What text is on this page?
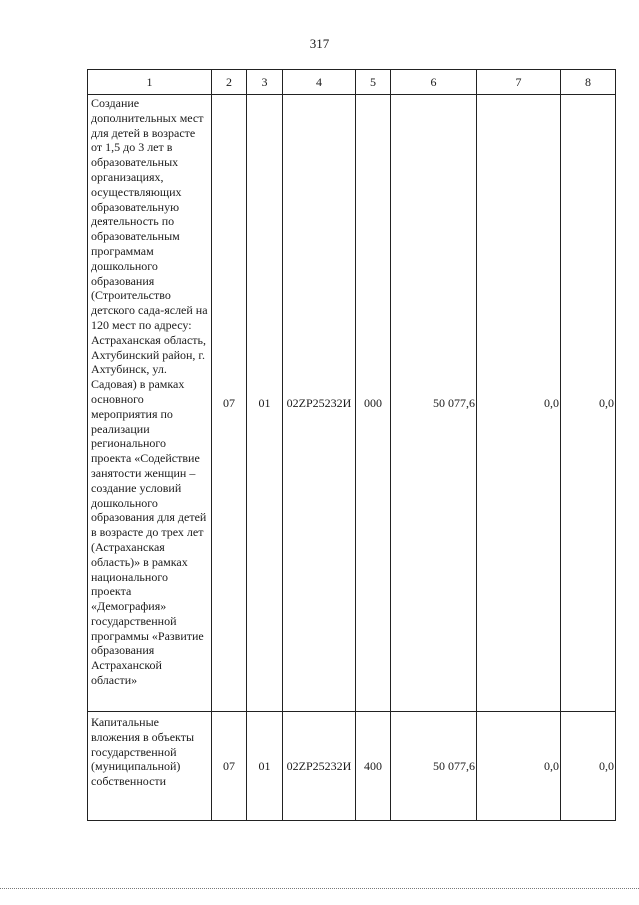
317
1	2	3	4	5	6	7	8
Создание дополнительных мест для детей в возрасте от 1,5 до 3 лет в образовательных организациях, осуществляющих образовательную деятельность по образовательным программам дошкольного образования (Строительство детского сада-яслей на 120 мест по адресу: Астраханская область, Ахтубинский район, г. Ахтубинск, ул. Садовая) в рамках основного мероприятия по реализации регионального проекта «Содействие занятости женщин – создание условий дошкольного образования для детей в возрасте до трех лет (Астраханская область)» в рамках национального проекта «Демография» государственной программы «Развитие образования Астраханской области»	07	01	02ZP25232И	000	50 077,6	0,0	0,0
Капитальные вложения в объекты государственной (муниципальной) собственности	07	01	02ZP25232И	400	50 077,6	0,0	0,0
